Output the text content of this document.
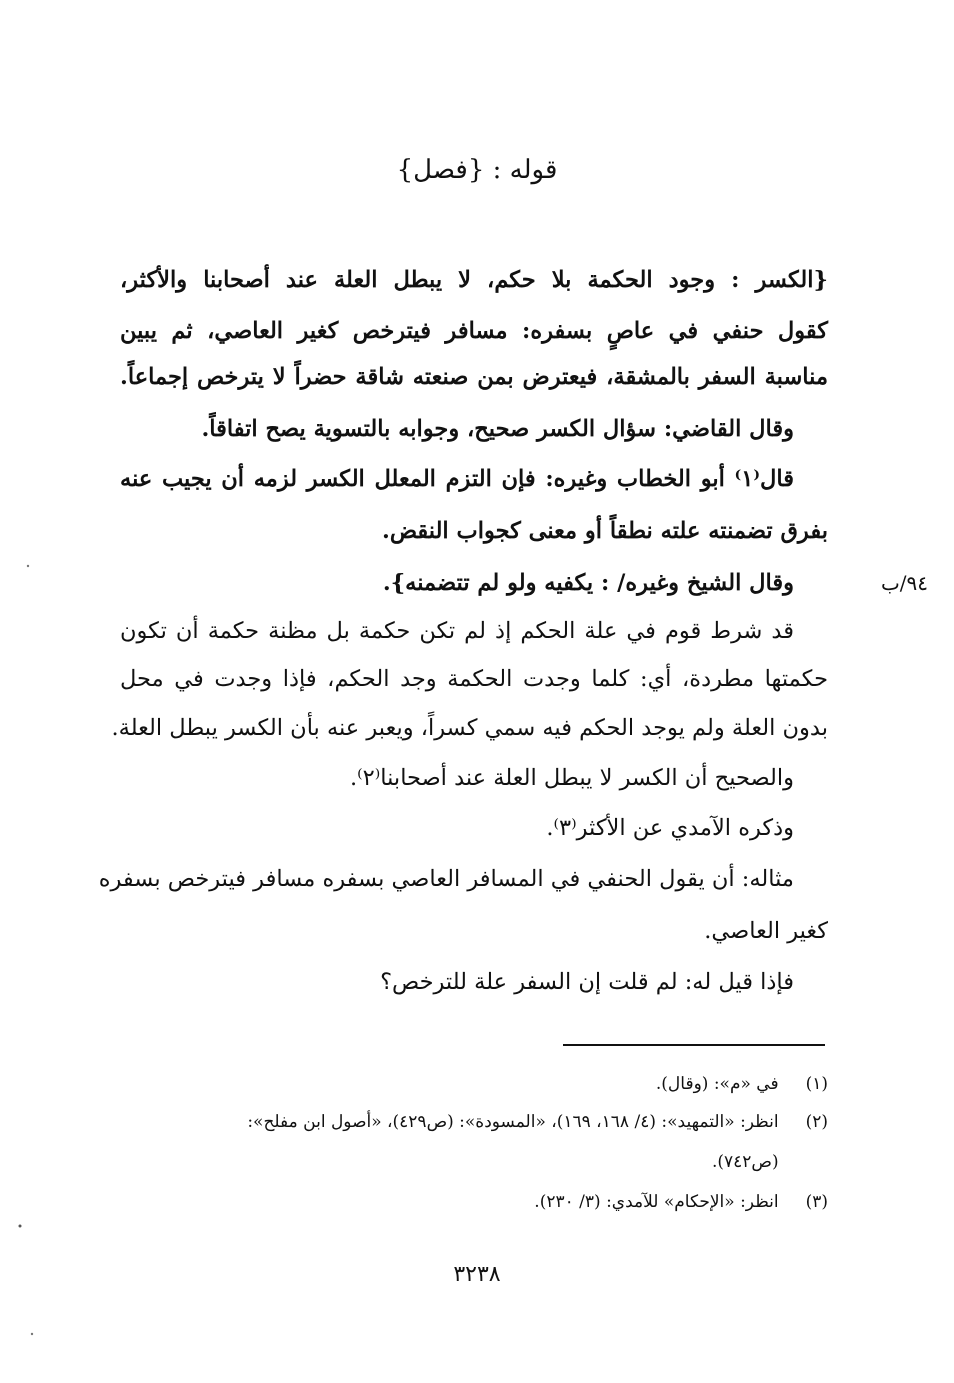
قوله : {فصل}
٩٤/ب
{الكسر : وجود الحكمة بلا حكم، لا يبطل العلة عند أصحابنا والأكثر،
كقول حنفي في عاصٍ بسفره: مسافر فيترخص كغير العاصي، ثم يبين
مناسبة السفر بالمشقة، فيعترض بمن صنعته شاقة حضراً لا يترخص إجماعاً.
وقال القاضي: سؤال الكسر صحيح، وجوابه بالتسوية يصح اتفاقاً.
قال⁽١⁾ أبو الخطاب وغيره: فإن التزم المعلل الكسر لزمه أن يجيب عنه
بفرق تضمنته علته نطقاً أو معنى كجواب النقض.
وقال الشيخ وغيره/ : يكفيه ولو لم تتضمنه}.
قد شرط قوم في علة الحكم إذ لم تكن حكمة بل مظنة حكمة أن تكون
حكمتها مطردة، أي: كلما وجدت الحكمة وجد الحكم، فإذا وجدت في محل
بدون العلة ولم يوجد الحكم فيه سمي كسراً، ويعبر عنه بأن الكسر يبطل العلة.
والصحيح أن الكسر لا يبطل العلة عند أصحابنا⁽٢⁾.
وذكره الآمدي عن الأكثر⁽٣⁾.
مثاله: أن يقول الحنفي في المسافر العاصي بسفره مسافر فيترخص بسفره
كغير العاصي.
فإذا قيل له: لم قلت إن السفر علة للترخص؟
(١) في «م»: (وقال).
(٢) انظر: «التمهيد»: (٤/ ١٦٨، ١٦٩)، «المسودة»: (ص٤٢٩)، «أصول ابن مفلح»:
(ص٧٤٢).
(٣) انظر: «الإحكام» للآمدي: (٣/ ٢٣٠).
٣٢٣٨
